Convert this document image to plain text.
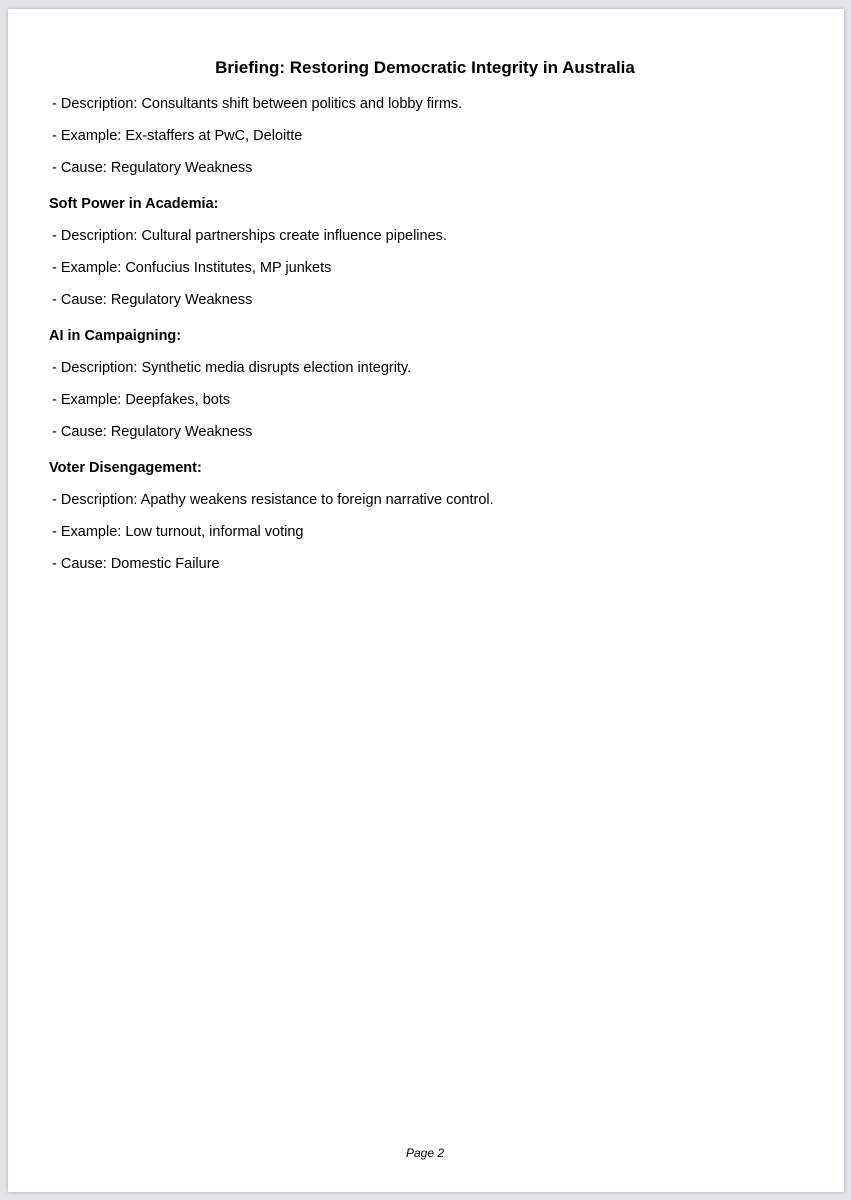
Briefing: Restoring Democratic Integrity in Australia
- Description: Consultants shift between politics and lobby firms.
- Example: Ex-staffers at PwC, Deloitte
- Cause: Regulatory Weakness
Soft Power in Academia:
- Description: Cultural partnerships create influence pipelines.
- Example: Confucius Institutes, MP junkets
- Cause: Regulatory Weakness
AI in Campaigning:
- Description: Synthetic media disrupts election integrity.
- Example: Deepfakes, bots
- Cause: Regulatory Weakness
Voter Disengagement:
- Description: Apathy weakens resistance to foreign narrative control.
- Example: Low turnout, informal voting
- Cause: Domestic Failure
Page 2
